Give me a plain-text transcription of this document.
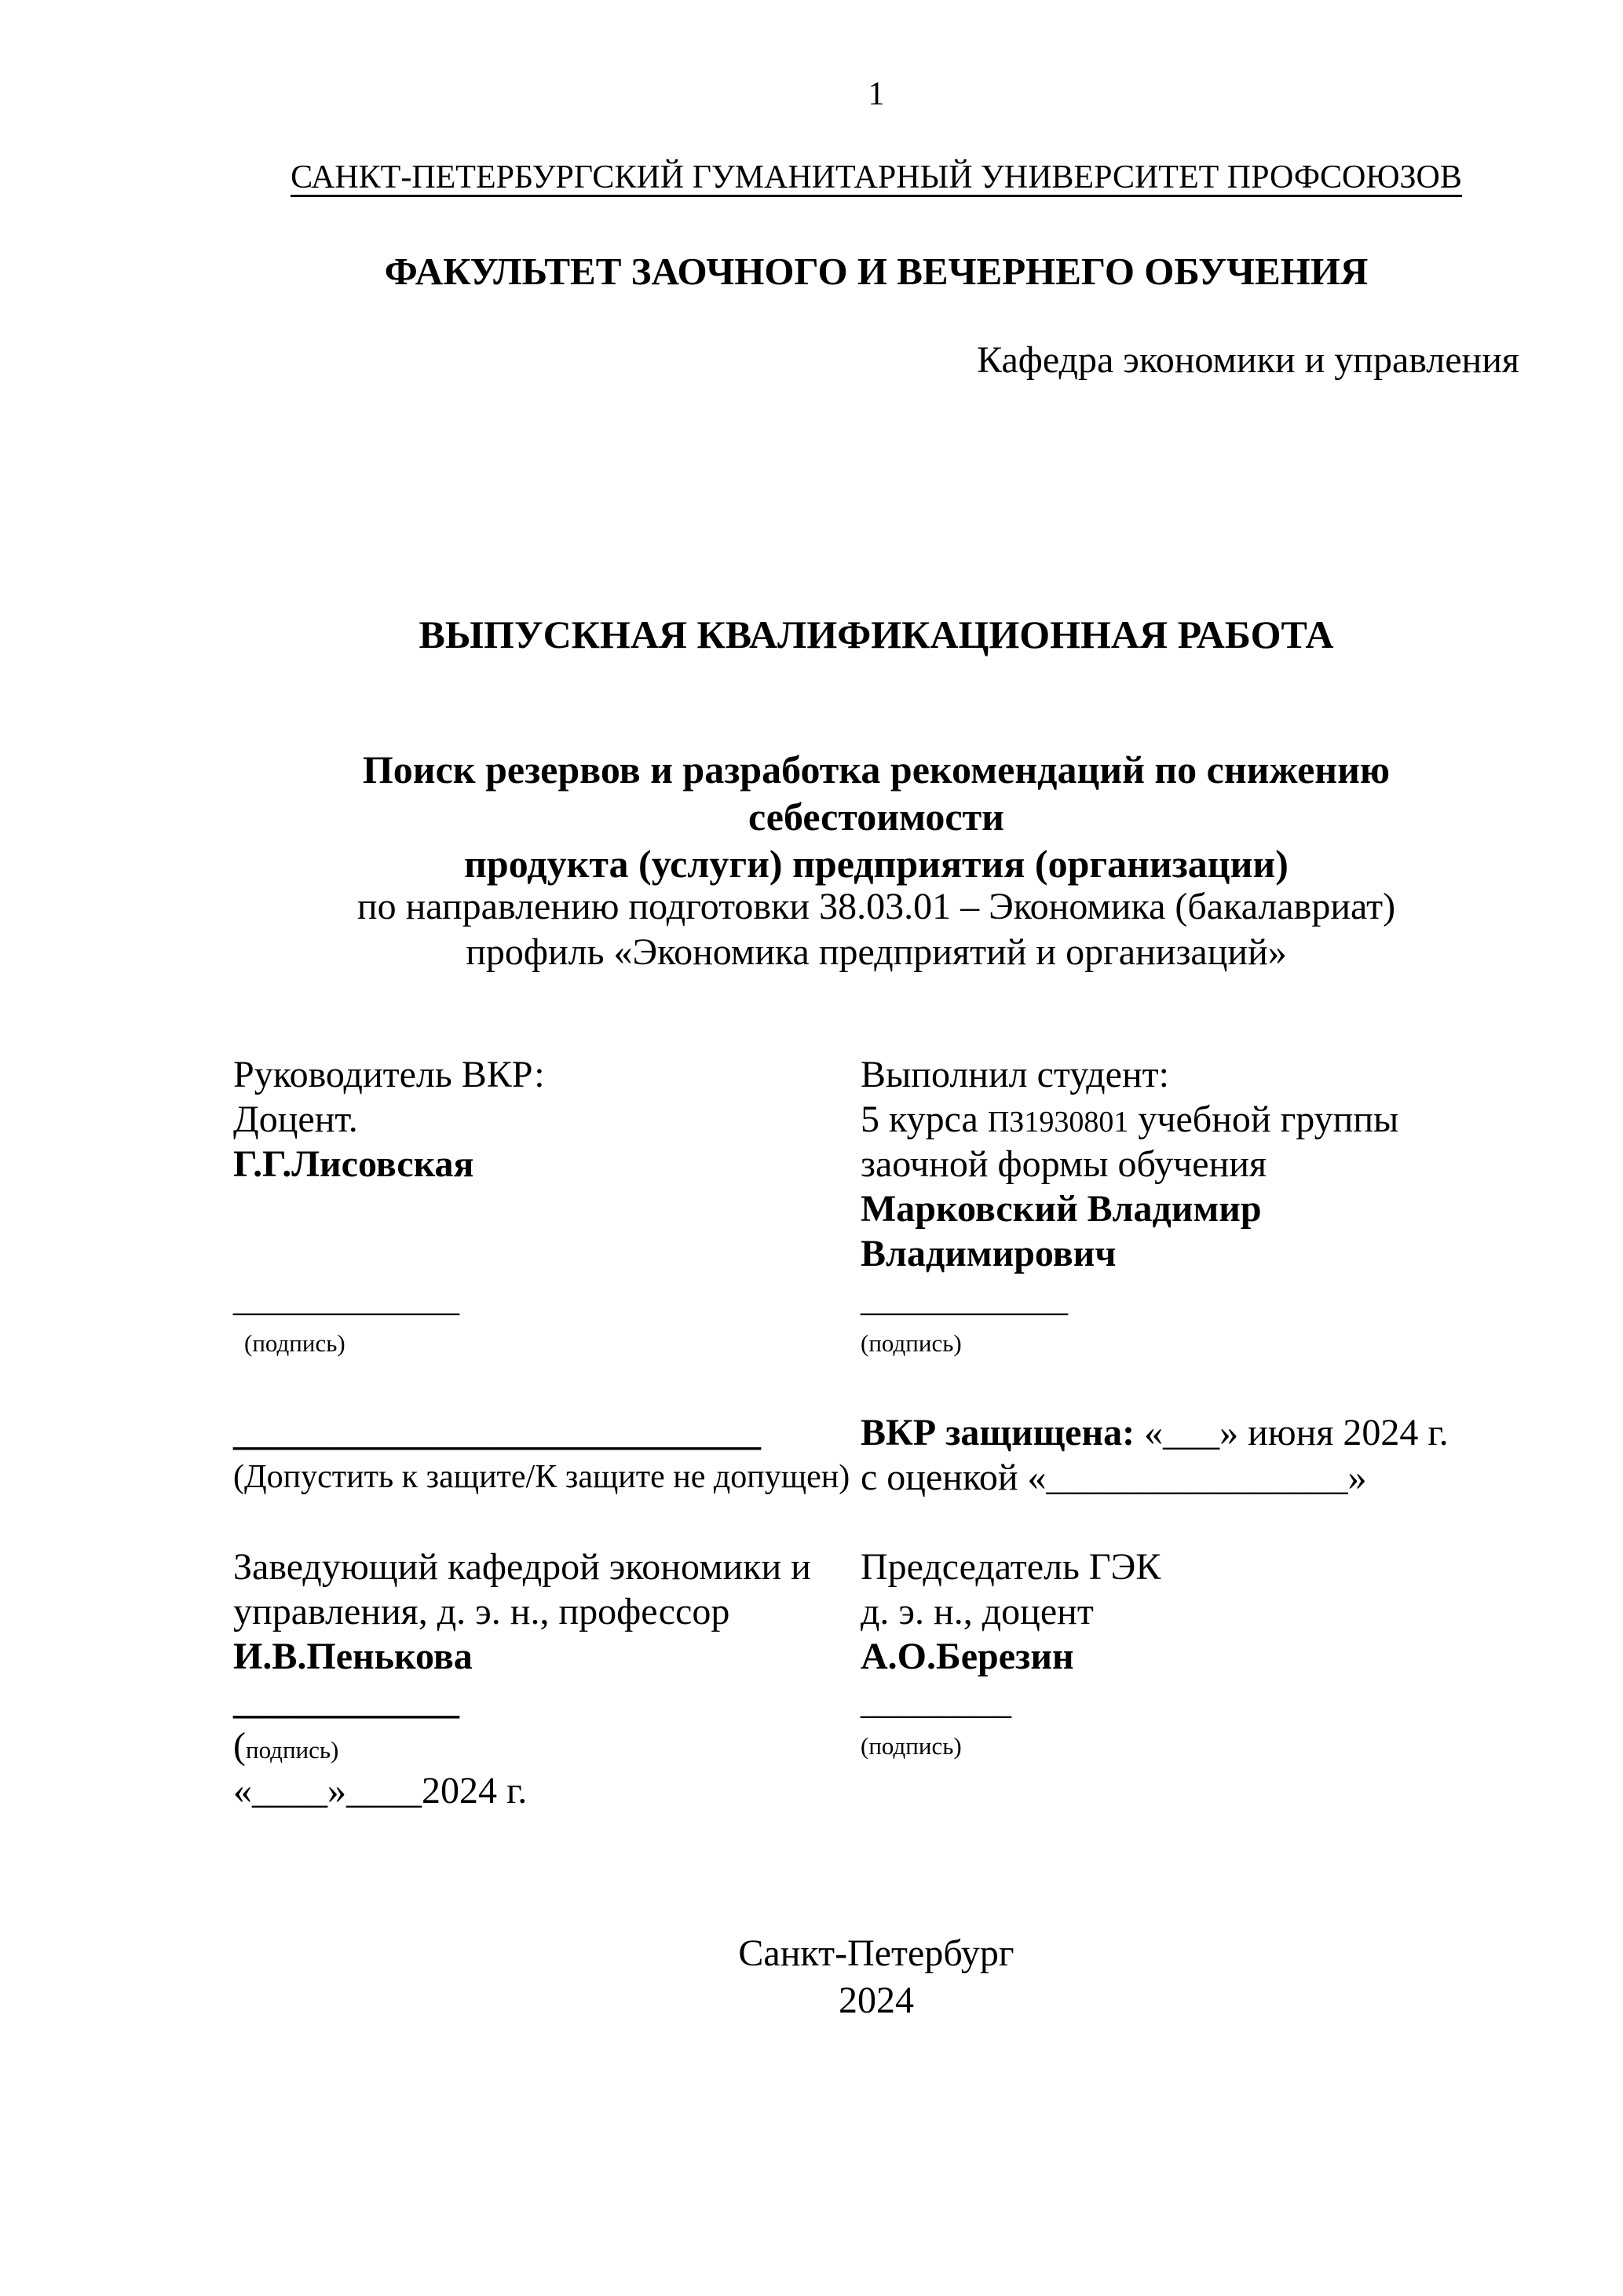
1
САНКТ-ПЕТЕРБУРГСКИЙ ГУМАНИТАРНЫЙ УНИВЕРСИТЕТ ПРОФСОЮЗОВ
ФАКУЛЬТЕТ ЗАОЧНОГО И ВЕЧЕРНЕГО ОБУЧЕНИЯ
Кафедра экономики и управления
ВЫПУСКНАЯ КВАЛИФИКАЦИОННАЯ РАБОТА
Поиск резервов и разработка рекомендаций по снижению себестоимости
продукта (услуги) предприятия (организации)
по направлению подготовки 38.03.01 – Экономика (бакалавриат)
профиль «Экономика предприятий и организаций»
Руководитель ВКР:
Доцент.
Г.Г.Лисовская

____________
(подпись)

____________________________
(Допустить к защите/К защите не допущен)

Заведующий кафедрой экономики и
управления, д. э. н., профессор
И.В.Пенькова
____________
(подпись)
«____»____2024 г.
Выполнил студент:
5 курса ПЗ1930801 учебной группы
заочной формы обучения
Марковский Владимир
Владимирович
___________
(подпись)

ВКР защищена: «___» июня 2024 г.
с оценкой «________________»

Председатель ГЭК
д. э. н., доцент
А.О.Березин
________
(подпись)
Санкт-Петербург
2024
